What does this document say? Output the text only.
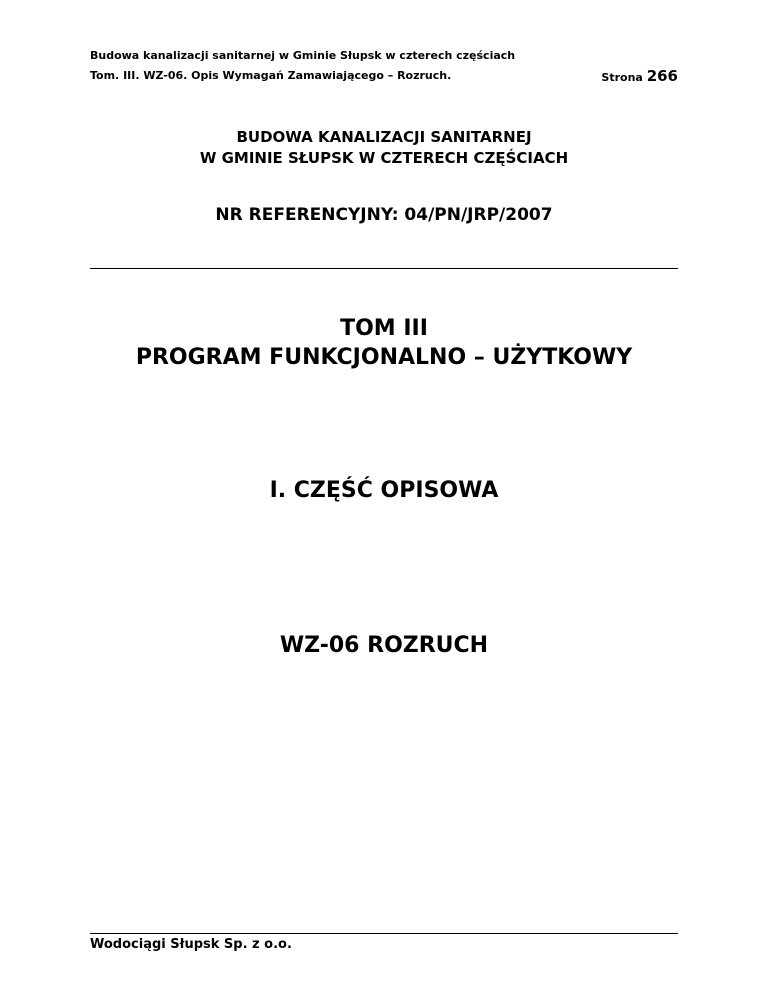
Budowa kanalizacji sanitarnej w Gminie Słupsk w czterech częściach
Tom. III. WZ-06. Opis Wymagań Zamawiającego – Rozruch.	Strona 266
BUDOWA KANALIZACJI SANITARNEJ
W GMINIE SŁUPSK W CZTERECH CZĘŚCIACH
NR REFERENCYJNY: 04/PN/JRP/2007
TOM III
PROGRAM FUNKCJONALNO – UŻYTKOWY
I. CZĘŚĆ OPISOWA
WZ-06 ROZRUCH
Wodociągi Słupsk Sp. z o.o.
